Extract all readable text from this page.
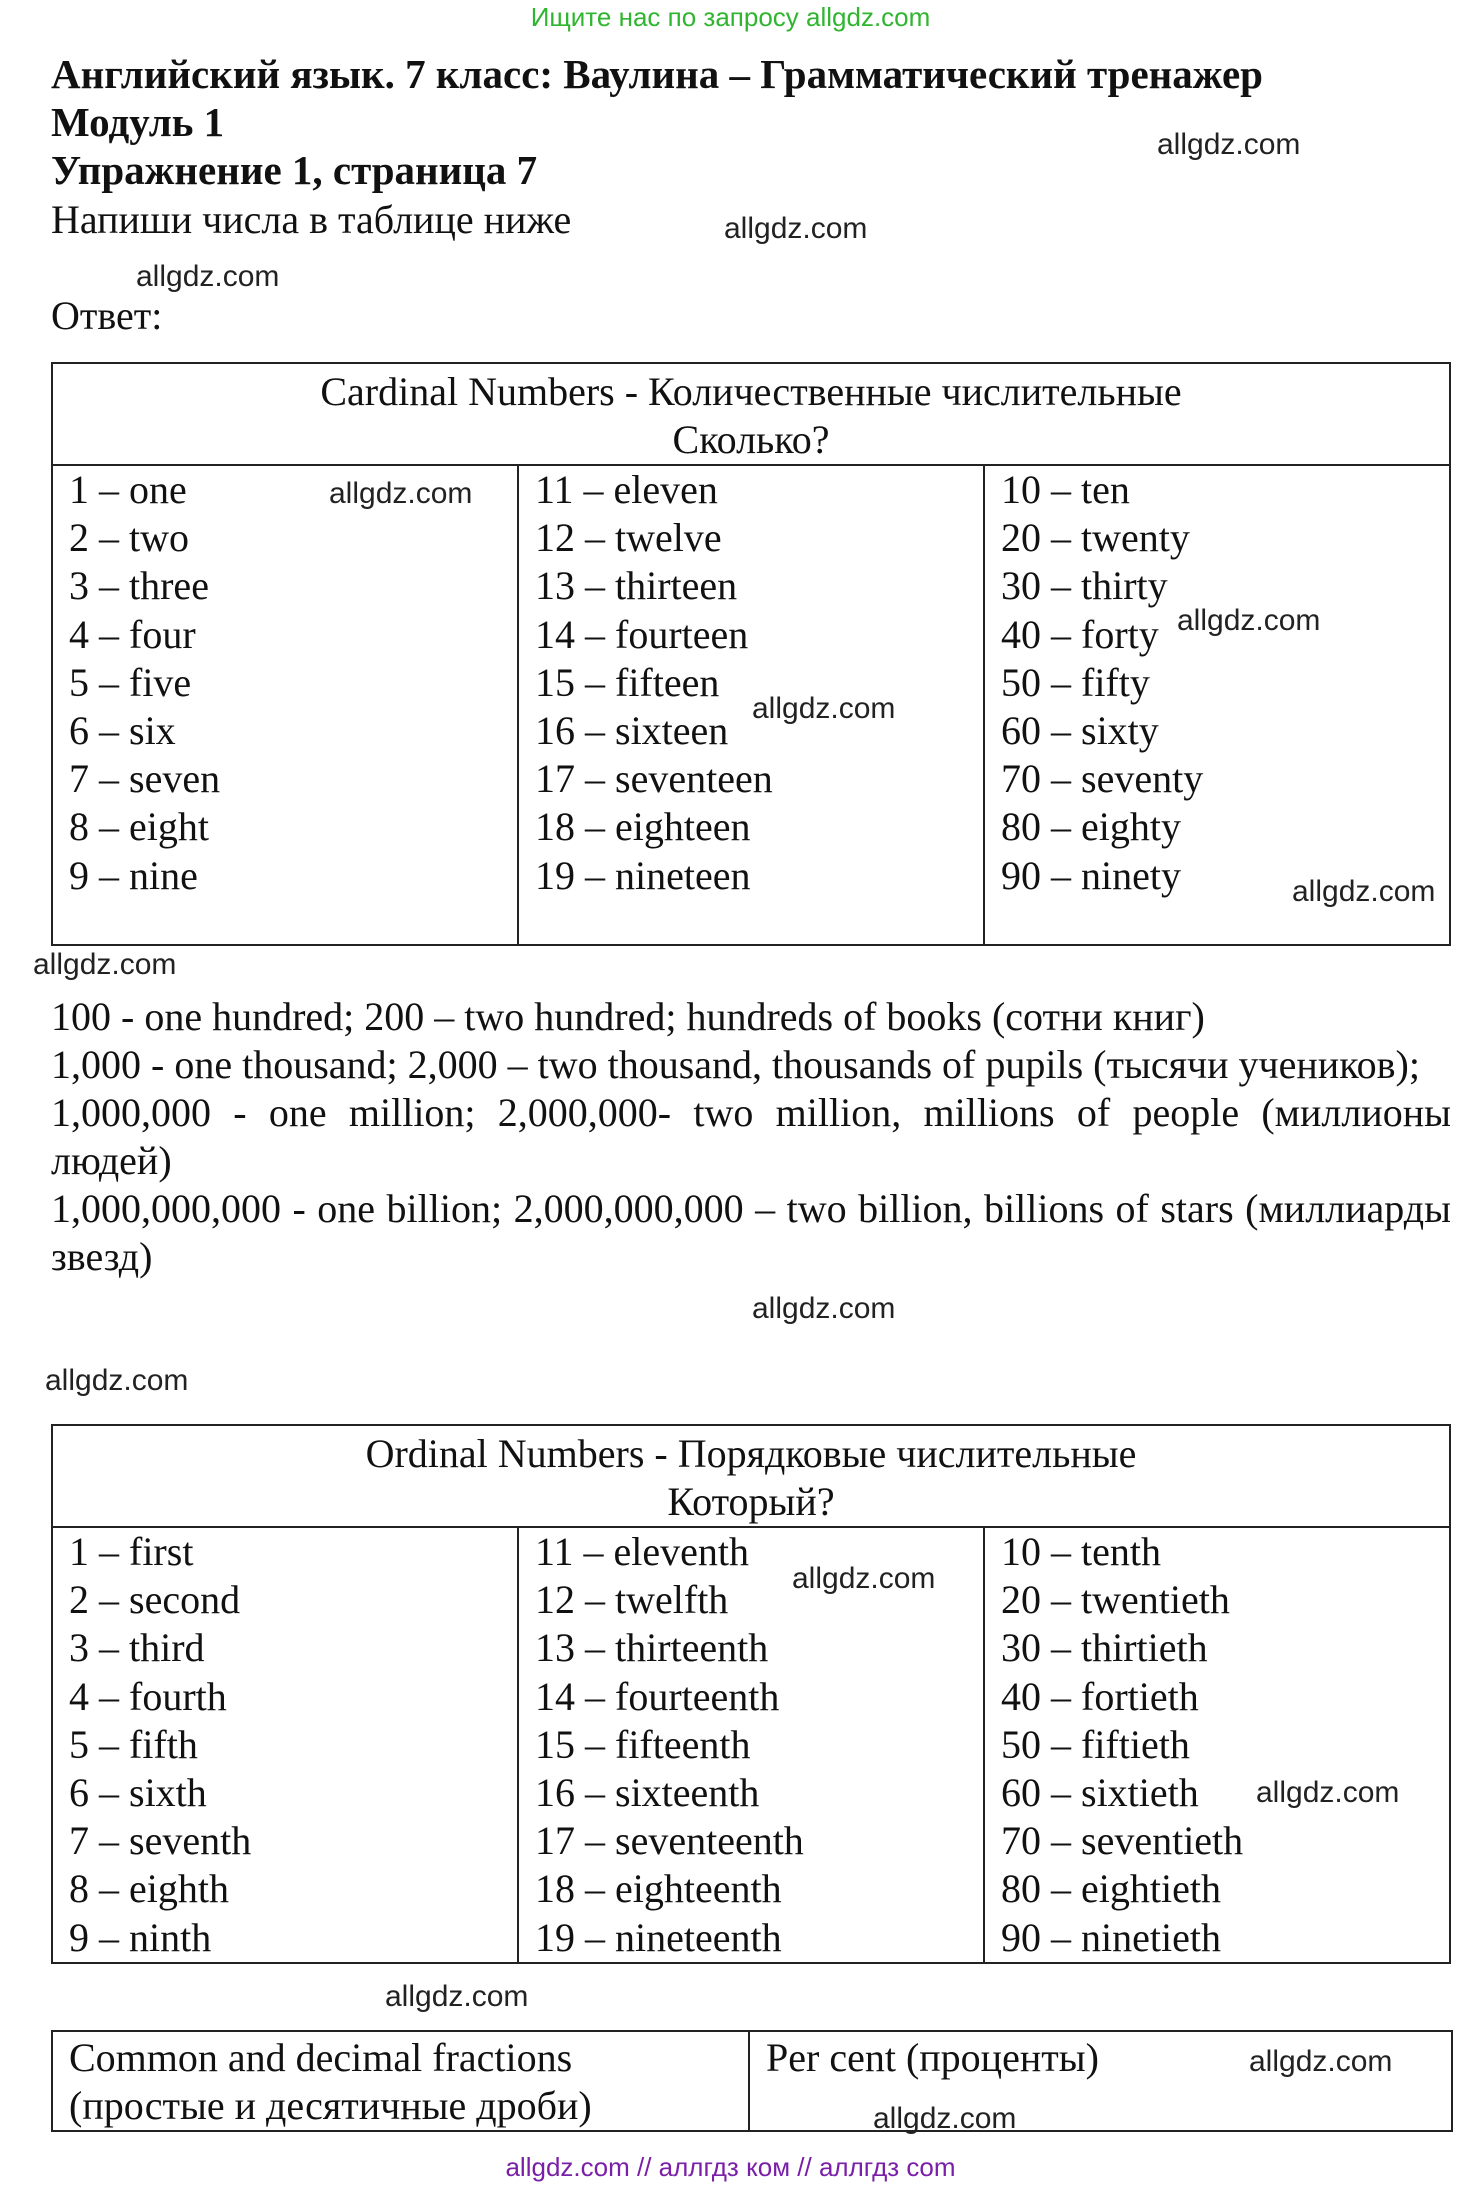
Ищите нас по запросу allgdz.com
Английский язык. 7 класс: Ваулина – Грамматический тренажер
Модуль 1
Упражнение 1, страница 7
Напиши числа в таблице ниже
Ответ:
Cardinal Numbers - Количественные числительные
Сколько?

1 – one
2 – two
3 – three
4 – four
5 – five
6 – six
7 – seven
8 – eight
9 – nine

11 – eleven
12 – twelve
13 – thirteen
14 – fourteen
15 – fifteen
16 – sixteen
17 – seventeen
18 – eighteen
19 – nineteen

10 – ten
20 – twenty
30 – thirty
40 – forty
50 – fifty
60 – sixty
70 – seventy
80 – eighty
90 – ninety

100 - one hundred; 200 – two hundred; hundreds of books (сотни книг)

1,000 - one thousand; 2,000 – two thousand, thousands of pupils (тысячи учеников);

1,000,000 - one million; 2,000,000- two million, millions of people (миллионы людей)

1,000,000,000 - one billion; 2,000,000,000 – two billion, billions of stars (миллиарды звезд)

Ordinal Numbers - Порядковые числительные
Который?

1 – first
2 – second
3 – third
4 – fourth
5 – fifth
6 – sixth
7 – seventh
8 – eighth
9 – ninth

11 – eleventh
12 – twelfth
13 – thirteenth
14 – fourteenth
15 – fifteenth
16 – sixteenth
17 – seventeenth
18 – eighteenth
19 – nineteenth

10 – tenth
20 – twentieth
30 – thirtieth
40 – fortieth
50 – fiftieth
60 – sixtieth
70 – seventieth
80 – eightieth
90 – ninetieth
Common and decimal fractions
(простые и десятичные дроби)

Per cent (проценты)
allgdz.com
allgdz.com
allgdz.com
allgdz.com
allgdz.com
allgdz.com
allgdz.com
allgdz.com
allgdz.com
allgdz.com
allgdz.com
allgdz.com
allgdz.com
allgdz.com
allgdz.com
allgdz.com // аллгдз ком // аллгдз com
